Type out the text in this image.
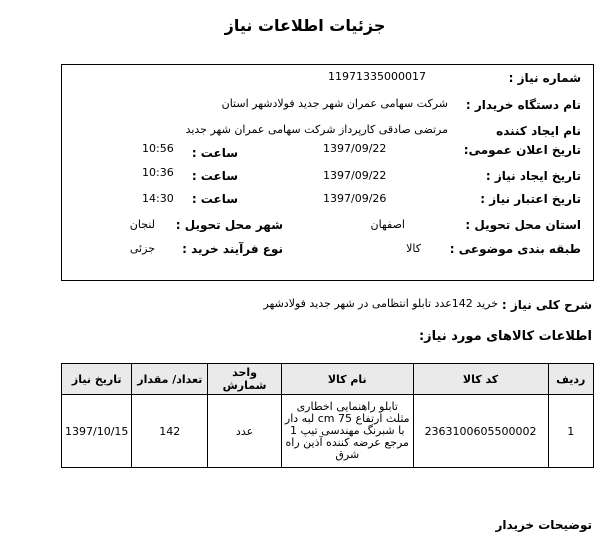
جزئیات اطلاعات نیاز
شماره نیاز :
11971335000017
نام دستگاه خریدار :
شرکت سهامی عمران شهر جدید فولادشهر استان
نام ایجاد کننده
مرتضی صادقی کارپرداز شرکت سهامی عمران شهر جدید
تاریخ اعلان عمومی:
1397/09/22
ساعت :
10:56
تاریخ ایجاد نیاز :
1397/09/22
ساعت :
10:36
تاریخ اعتبار نیاز :
1397/09/26
ساعت :
14:30
استان محل تحویل :
اصفهان
شهر محل تحویل :
لنجان
طبقه بندی موضوعی :
کالا
نوع فرآیند خرید :
جزئی
شرح کلی نیاز :
خرید 142عدد تابلو انتظامی در شهر جدید فولادشهر
اطلاعات کالاهای مورد نیاز:
ردیف	کد کالا	نام کالا	واحد شمارش	تعداد/ مقدار	تاریخ نیاز
1	2363100605500002	تابلو راهنمایی اخطاری مثلث ارتفاع cm 75 لبه دار با شبرنگ مهندسی تیپ 1 مرجع عرضه کننده آذین راه شرق	عدد	142	1397/10/15
توضیحات خریدار
